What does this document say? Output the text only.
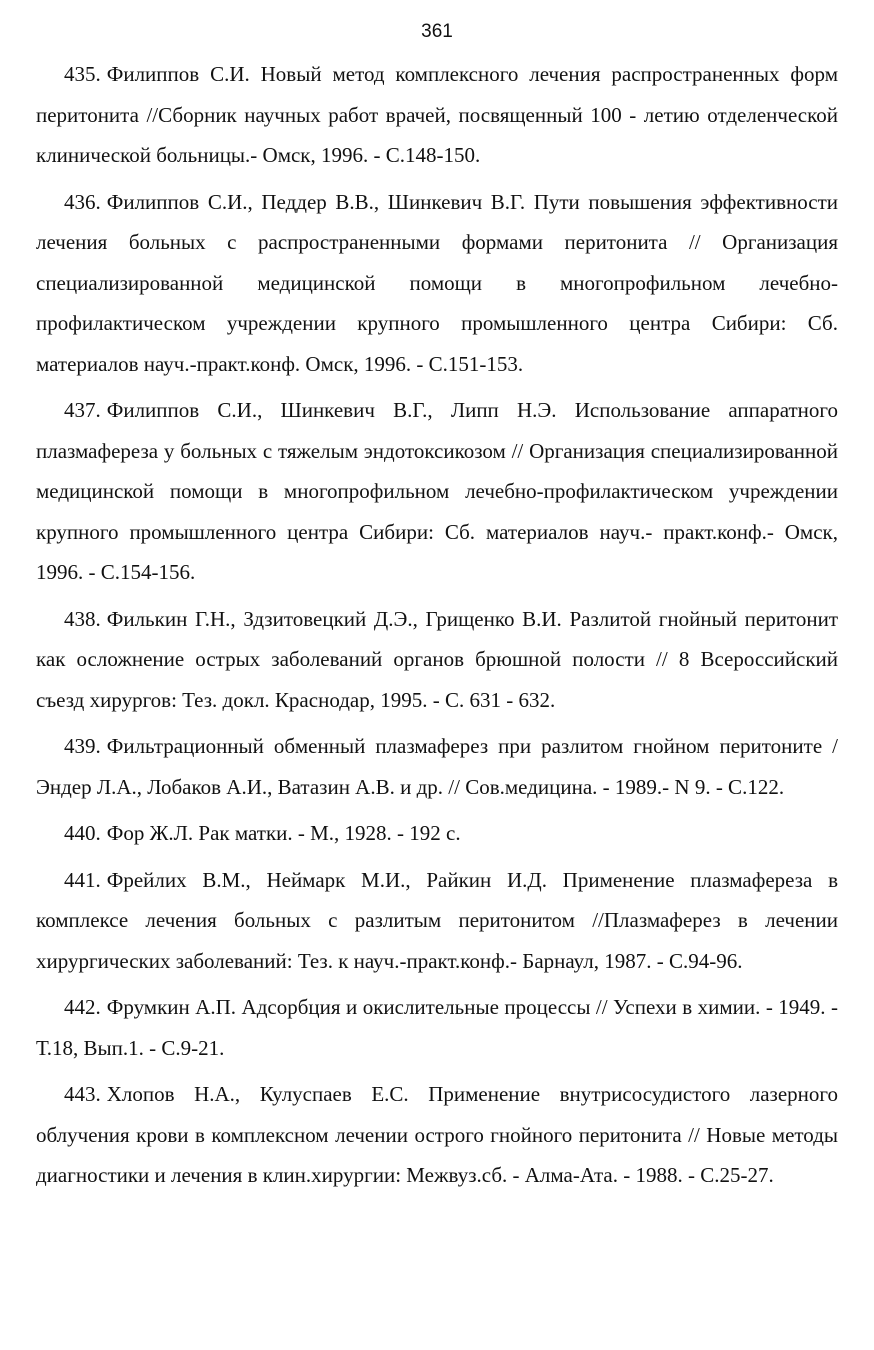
361

435. Филиппов С.И. Новый метод комплексного лечения распространенных форм перитонита //Сборник научных работ врачей, посвященный 100 - летию отделенческой клинической больницы.- Омск, 1996. - С.148-150.

436. Филиппов С.И., Педдер В.В., Шинкевич В.Г. Пути повышения эффективности лечения больных с распространенными формами перитонита // Организация специализированной медицинской помощи в многопрофильном лечебно-профилактическом учреждении крупного промышленного центра Сибири: Сб. материалов науч.-практ.конф. Омск, 1996. - С.151-153.

437. Филиппов С.И., Шинкевич В.Г., Липп Н.Э. Использование аппаратного плазмафереза у больных с тяжелым эндотоксикозом // Организация специализированной медицинской помощи в многопрофильном лечебно-профилактическом учреждении крупного промышленного центра Сибири: Сб. материалов науч.- практ.конф.- Омск, 1996. - С.154-156.

438. Филькин Г.Н., Здзитовецкий Д.Э., Грищенко В.И. Разлитой гнойный перитонит как осложнение острых заболеваний органов брюшной полости // 8 Всероссийский съезд хирургов: Тез. докл. Краснодар, 1995. - С. 631 - 632.

439. Фильтрационный обменный плазмаферез при разлитом гнойном перитоните /Эндер Л.А., Лобаков А.И., Ватазин А.В. и др. // Сов.медицина. - 1989.- N 9. - С.122.

440. Фор Ж.Л. Рак матки. - М., 1928. - 192 с.

441. Фрейлих В.М., Неймарк М.И., Райкин И.Д. Применение плазмафереза в комплексе лечения больных с разлитым перитонитом //Плазмаферез в лечении хирургических заболеваний: Тез. к науч.-практ.конф.- Барнаул, 1987. - С.94-96.

442. Фрумкин А.П. Адсорбция и окислительные процессы // Успехи в химии. - 1949. - Т.18, Вып.1. - С.9-21.

443. Хлопов Н.А., Кулуспаев Е.С. Применение внутрисосудистого лазерного облучения крови в комплексном лечении острого гнойного перитонита // Новые методы диагностики и лечения в клин.хирургии: Межвуз.сб. - Алма-Ата. - 1988. - С.25-27.
